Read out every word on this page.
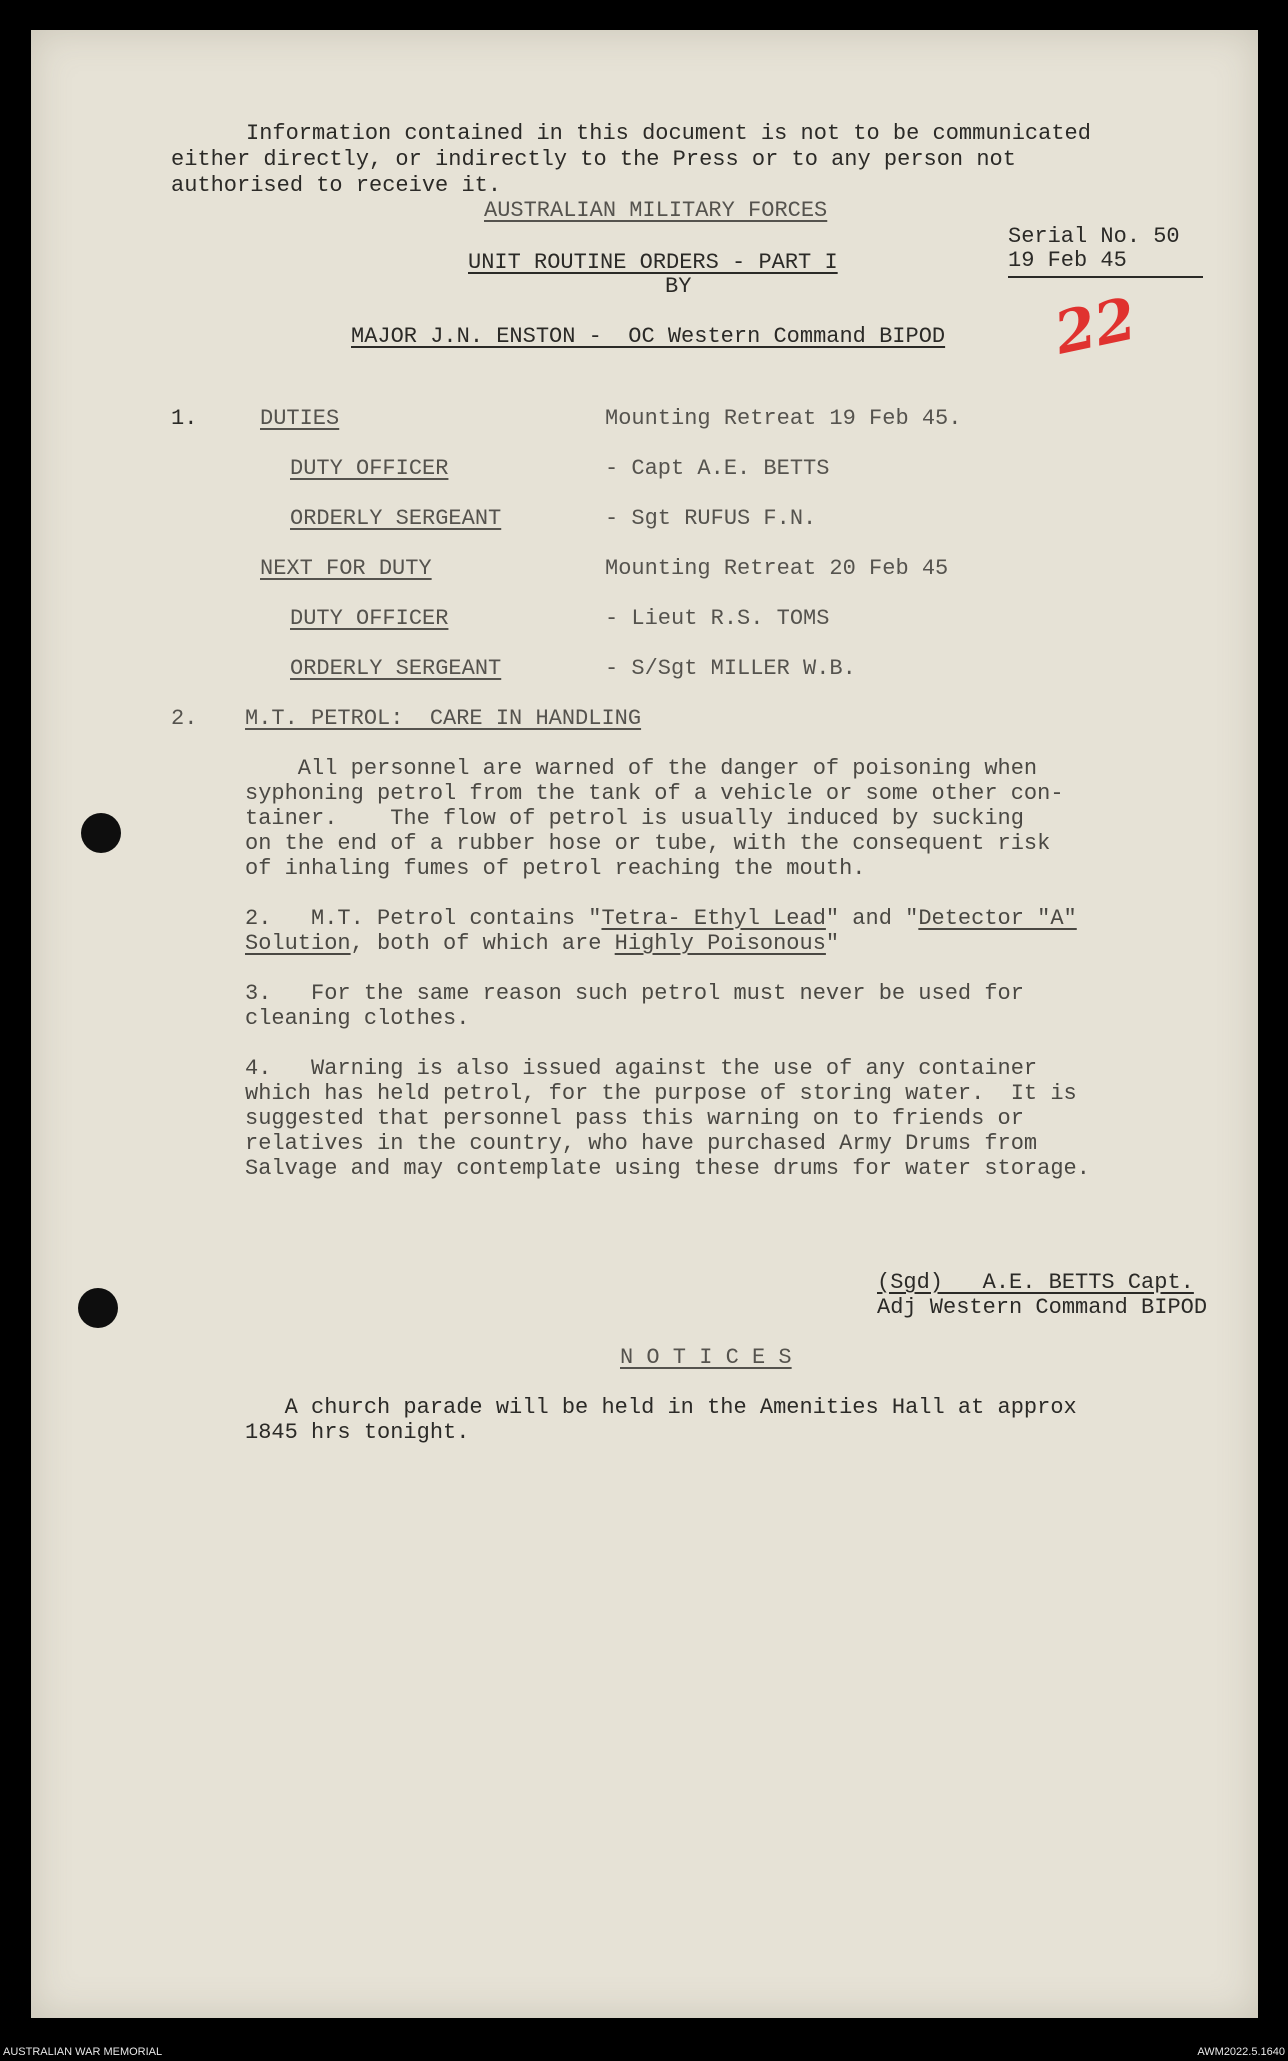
Information contained in this document is not to be communicated
either directly, or indirectly to the Press or to any person not
authorised to receive it.
AUSTRALIAN MILITARY FORCES
UNIT ROUTINE ORDERS - PART I
BY
MAJOR J.N. ENSTON -  OC Western Command BIPOD
Serial No. 50
19 Feb 45
22
1.	DUTIES	Mounting Retreat 19 Feb 45.
DUTY OFFICER	- Capt A.E. BETTS
ORDERLY SERGEANT	- Sgt RUFUS F.N.
NEXT FOR DUTY	Mounting Retreat 20 Feb 45
DUTY OFFICER	- Lieut R.S. TOMS
ORDERLY SERGEANT	- S/Sgt MILLER W.B.
2. M.T. PETROL:  CARE IN HANDLING
All personnel are warned of the danger of poisoning when
syphoning petrol from the tank of a vehicle or some other con-
tainer.    The flow of petrol is usually induced by sucking
on the end of a rubber hose or tube, with the consequent risk
of inhaling fumes of petrol reaching the mouth.
2.   M.T. Petrol contains "Tetra- Ethyl Lead" and "Detector "A"
Solution, both of which are Highly Poisonous"
3.   For the same reason such petrol must never be used for
cleaning clothes.
4.   Warning is also issued against the use of any container
which has held petrol, for the purpose of storing water.  It is
suggested that personnel pass this warning on to friends or
relatives in the country, who have purchased Army Drums from
Salvage and may contemplate using these drums for water storage.
(Sgd)   A.E. BETTS Capt.
Adj Western Command BIPOD
N O T I C E S
A church parade will be held in the Amenities Hall at approx
1845 hrs tonight.
AUSTRALIAN WAR MEMORIAL	AWM2022.5.1640
